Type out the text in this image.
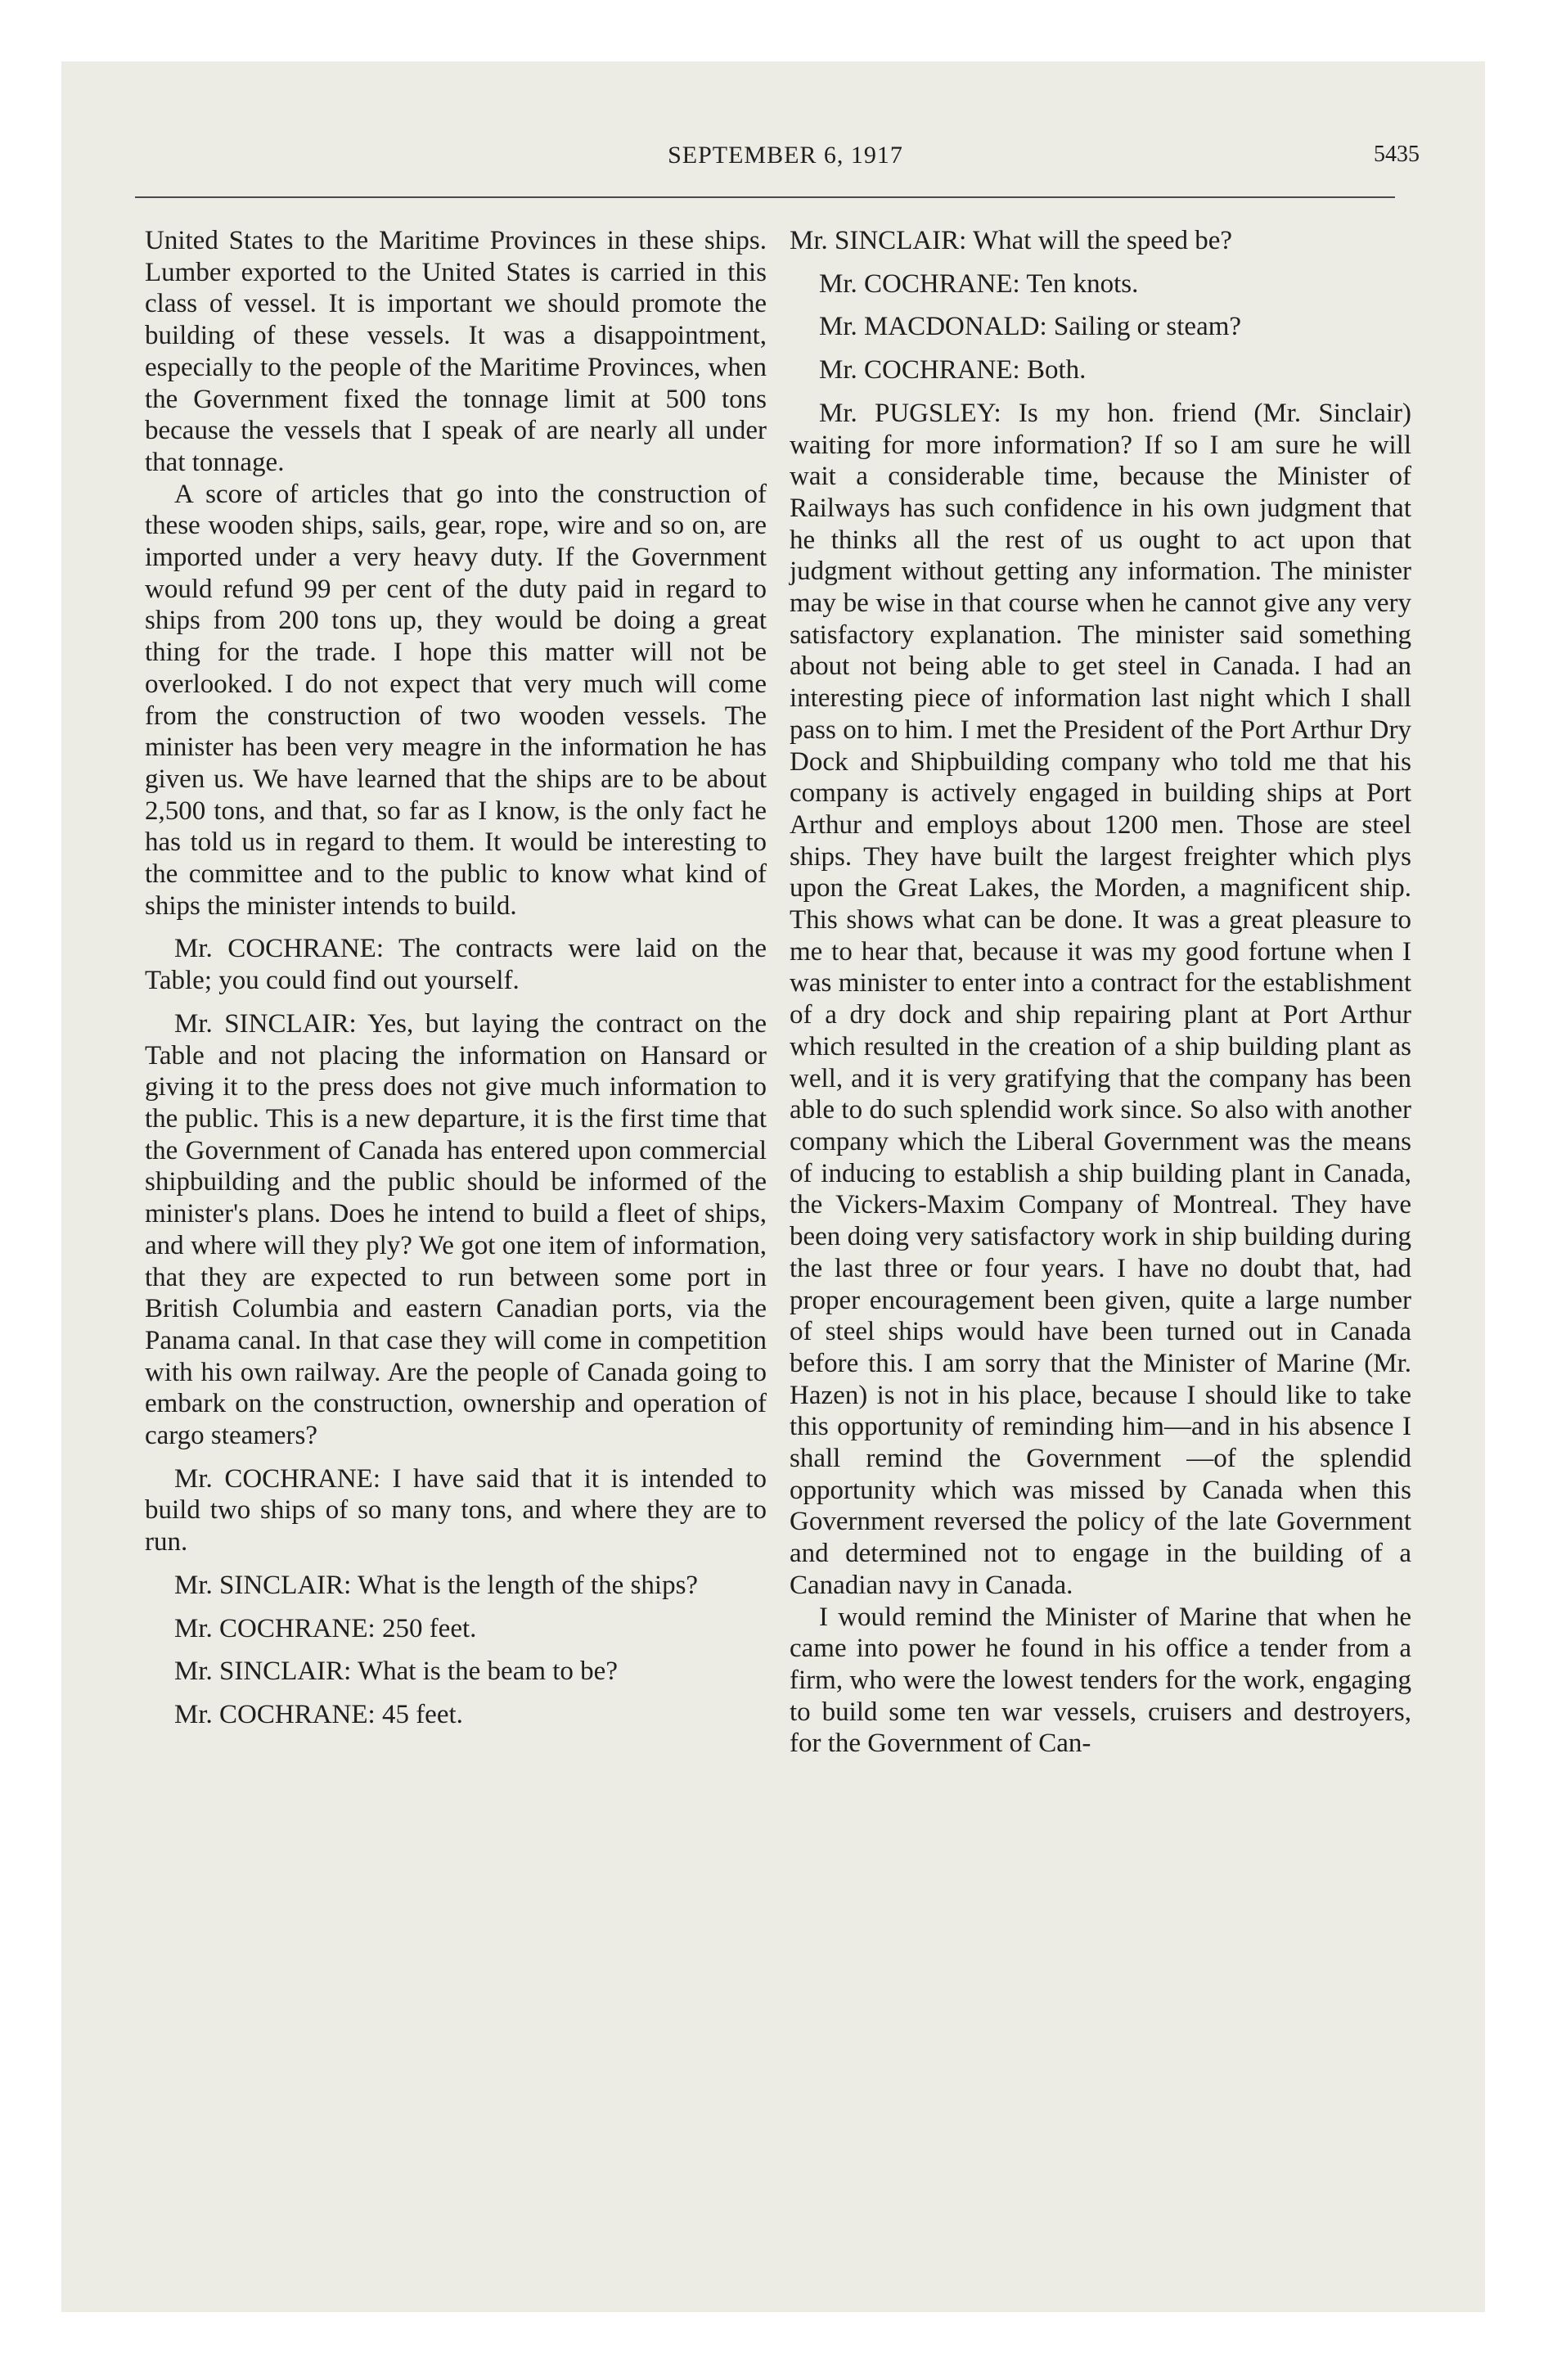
SEPTEMBER 6, 1917	5435

United States to the Maritime Provinces in these ships. Lumber exported to the United States is carried in this class of vessel. It is important we should promote the building of these vessels. It was a disappointment, especially to the people of the Maritime Provinces, when the Government fixed the tonnage limit at 500 tons because the vessels that I speak of are nearly all under that tonnage.

A score of articles that go into the construction of these wooden ships, sails, gear, rope, wire and so on, are imported under a very heavy duty. If the Government would refund 99 per cent of the duty paid in regard to ships from 200 tons up, they would be doing a great thing for the trade. I hope this matter will not be overlooked. I do not expect that very much will come from the construction of two wooden vessels. The minister has been very meagre in the information he has given us. We have learned that the ships are to be about 2,500 tons, and that, so far as I know, is the only fact he has told us in regard to them. It would be interesting to the committee and to the public to know what kind of ships the minister intends to build.

Mr. COCHRANE: The contracts were laid on the Table; you could find out yourself.

Mr. SINCLAIR: Yes, but laying the contract on the Table and not placing the information on Hansard or giving it to the press does not give much information to the public. This is a new departure, it is the first time that the Government of Canada has entered upon commercial shipbuilding and the public should be informed of the minister's plans. Does he intend to build a fleet of ships, and where will they ply? We got one item of information, that they are expected to run between some port in British Columbia and eastern Canadian ports, via the Panama canal. In that case they will come in competition with his own railway. Are the people of Canada going to embark on the construction, ownership and operation of cargo steamers?

Mr. COCHRANE: I have said that it is intended to build two ships of so many tons, and where they are to run.

Mr. SINCLAIR: What is the length of the ships?

Mr. COCHRANE: 250 feet.

Mr. SINCLAIR: What is the beam to be?

Mr. COCHRANE: 45 feet.

Mr. SINCLAIR: What will the speed be?

Mr. COCHRANE: Ten knots.

Mr. MACDONALD: Sailing or steam?

Mr. COCHRANE: Both.

Mr. PUGSLEY: Is my hon. friend (Mr. Sinclair) waiting for more information? If so I am sure he will wait a considerable time, because the Minister of Railways has such confidence in his own judgment that he thinks all the rest of us ought to act upon that judgment without getting any information. The minister may be wise in that course when he cannot give any very satisfactory explanation. The minister said something about not being able to get steel in Canada. I had an interesting piece of information last night which I shall pass on to him. I met the President of the Port Arthur Dry Dock and Shipbuilding company who told me that his company is actively engaged in building ships at Port Arthur and employs about 1200 men. Those are steel ships. They have built the largest freighter which plys upon the Great Lakes, the Morden, a magnificent ship. This shows what can be done. It was a great pleasure to me to hear that, because it was my good fortune when I was minister to enter into a contract for the establishment of a dry dock and ship repairing plant at Port Arthur which resulted in the creation of a ship building plant as well, and it is very gratifying that the company has been able to do such splendid work since. So also with another company which the Liberal Government was the means of inducing to establish a ship building plant in Canada, the Vickers-Maxim Company of Montreal. They have been doing very satisfactory work in ship building during the last three or four years. I have no doubt that, had proper encouragement been given, quite a large number of steel ships would have been turned out in Canada before this. I am sorry that the Minister of Marine (Mr. Hazen) is not in his place, because I should like to take this opportunity of reminding him—and in his absence I shall remind the Government —of the splendid opportunity which was missed by Canada when this Government reversed the policy of the late Government and determined not to engage in the building of a Canadian navy in Canada.

I would remind the Minister of Marine that when he came into power he found in his office a tender from a firm, who were the lowest tenders for the work, engaging to build some ten war vessels, cruisers and destroyers, for the Government of Can-
